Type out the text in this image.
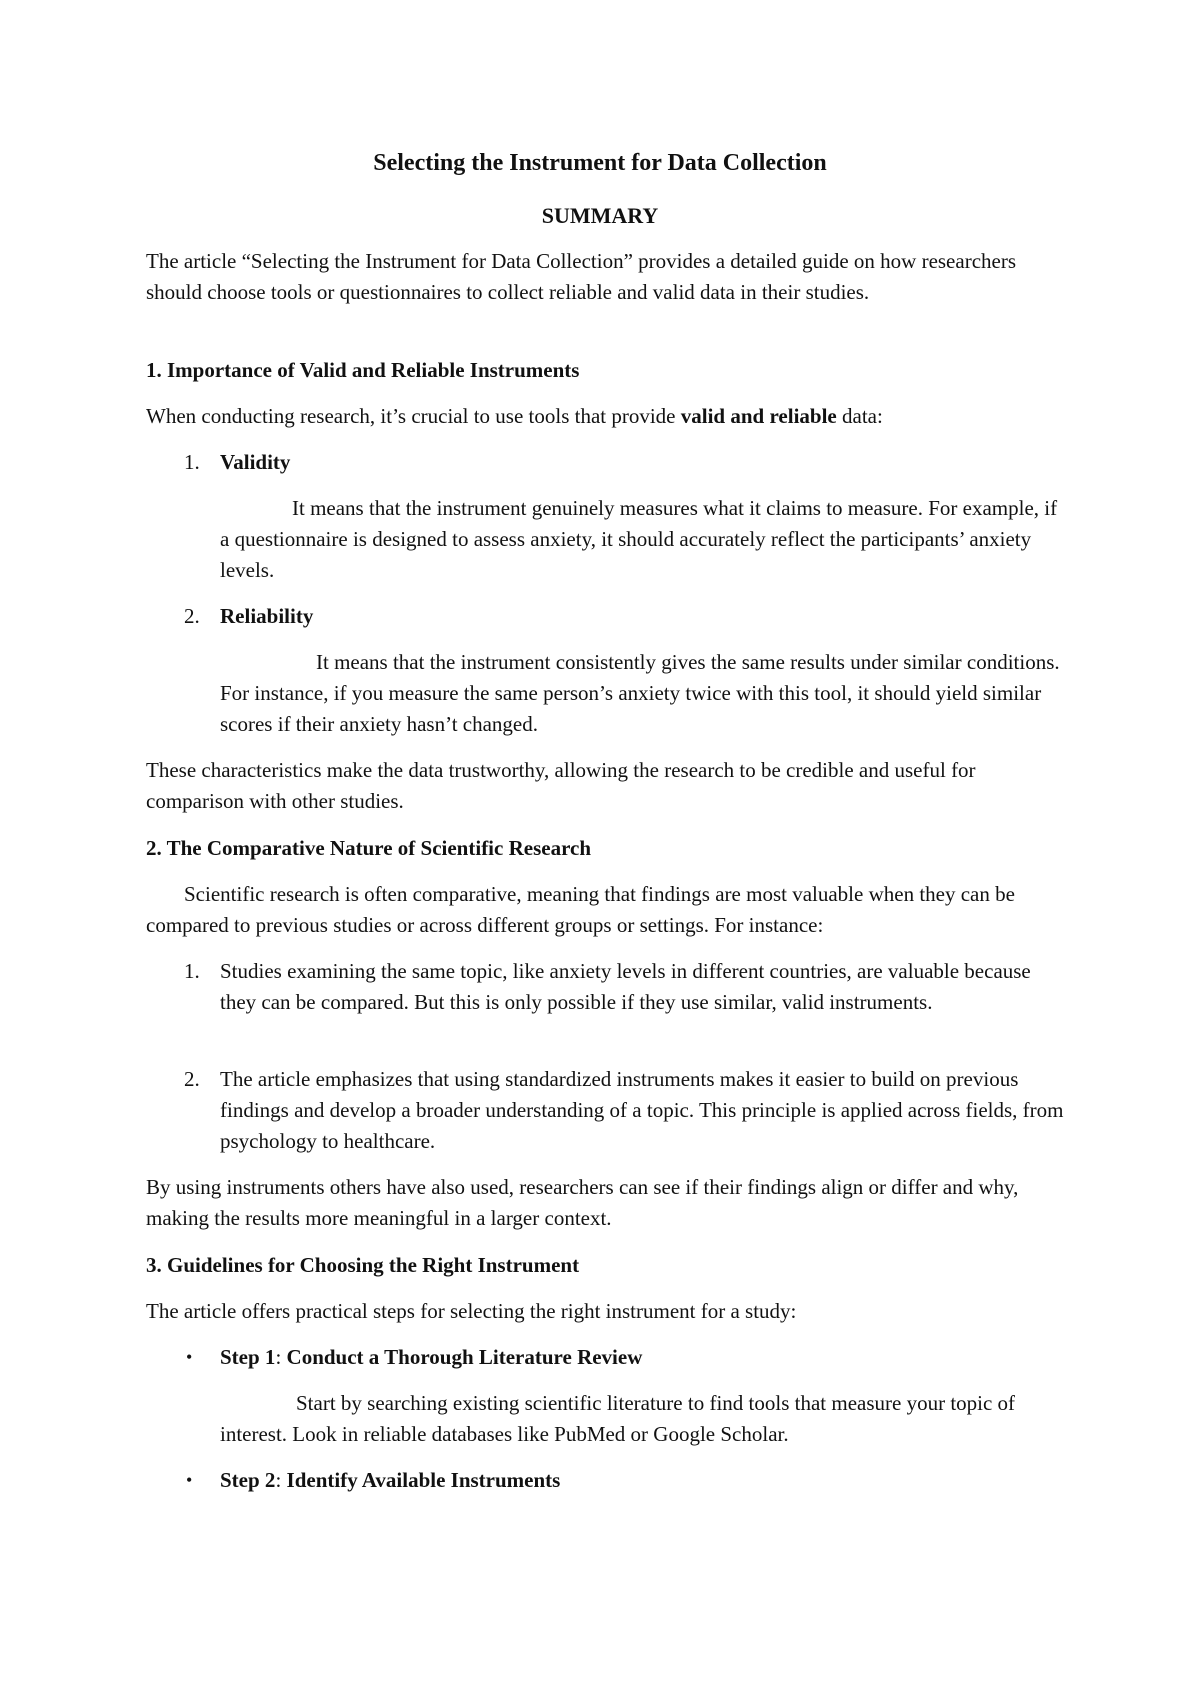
Selecting the Instrument for Data Collection
SUMMARY

The article “Selecting the Instrument for Data Collection” provides a detailed guide on how researchers should choose tools or questionnaires to collect reliable and valid data in their studies.

1. Importance of Valid and Reliable Instruments

When conducting research, it’s crucial to use tools that provide valid and reliable data:

1. Validity

It means that the instrument genuinely measures what it claims to measure. For example, if a questionnaire is designed to assess anxiety, it should accurately reflect the participants’ anxiety levels.

2. Reliability

It means that the instrument consistently gives the same results under similar conditions. For instance, if you measure the same person’s anxiety twice with this tool, it should yield similar scores if their anxiety hasn’t changed.

These characteristics make the data trustworthy, allowing the research to be credible and useful for comparison with other studies.

2. The Comparative Nature of Scientific Research

Scientific research is often comparative, meaning that findings are most valuable when they can be compared to previous studies or across different groups or settings. For instance:

1. Studies examining the same topic, like anxiety levels in different countries, are valuable because they can be compared. But this is only possible if they use similar, valid instruments.

2. The article emphasizes that using standardized instruments makes it easier to build on previous findings and develop a broader understanding of a topic. This principle is applied across fields, from psychology to healthcare.

By using instruments others have also used, researchers can see if their findings align or differ and why, making the results more meaningful in a larger context.

3. Guidelines for Choosing the Right Instrument

The article offers practical steps for selecting the right instrument for a study:

• Step 1: Conduct a Thorough Literature Review

Start by searching existing scientific literature to find tools that measure your topic of interest. Look in reliable databases like PubMed or Google Scholar.

• Step 2: Identify Available Instruments
